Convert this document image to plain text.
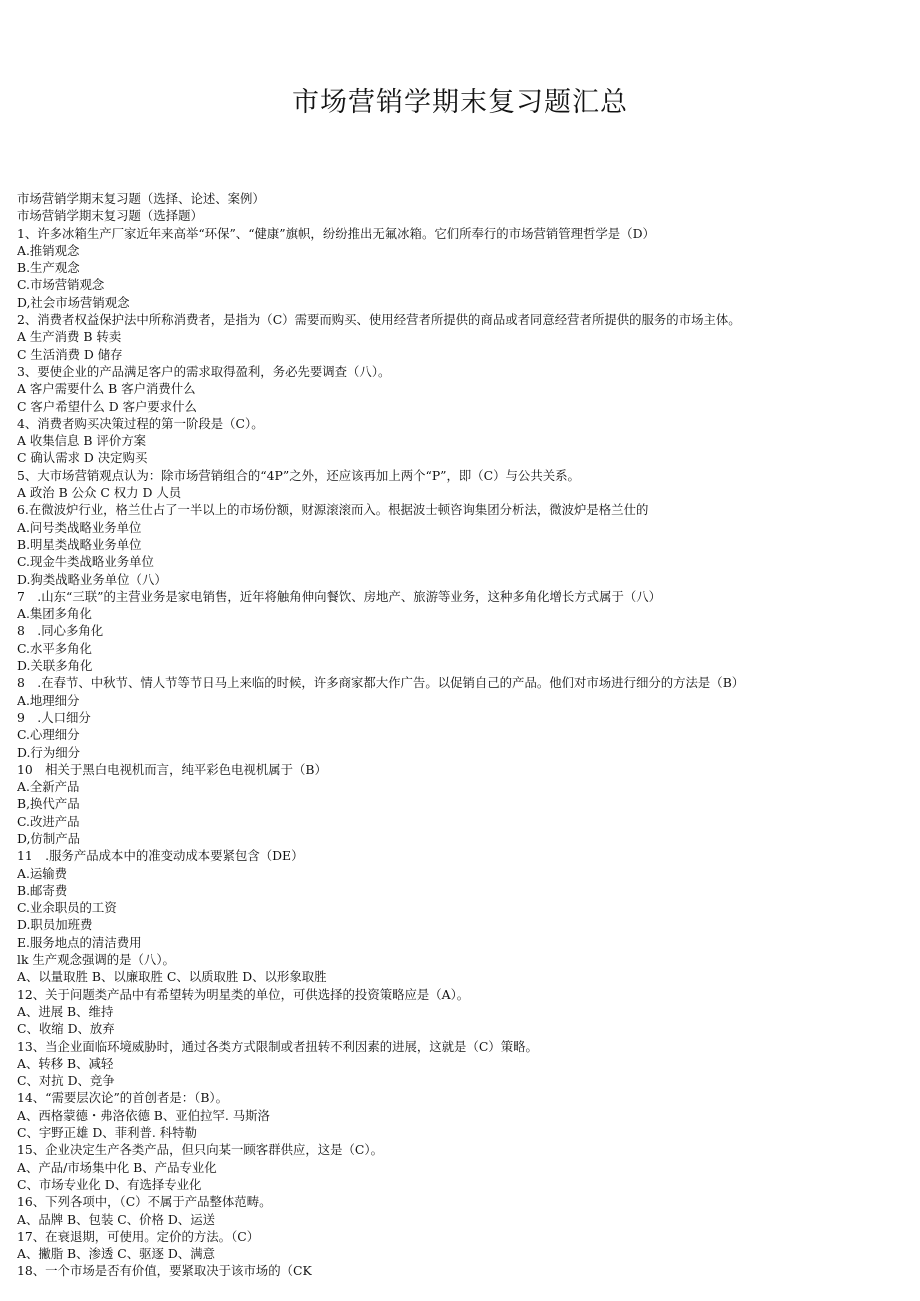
市场营销学期末复习题汇总
市场营销学期末复习题（选择、论述、案例）
市场营销学期末复习题（选择题）
1、许多冰箱生产厂家近年来高举“环保”、“健康”旗帜，纷纷推出无氟冰箱。它们所奉行的市场营销管理哲学是（D）
A.推销观念
B.生产观念
C.市场营销观念
D,社会市场营销观念
2、消费者权益保护法中所称消费者，是指为（C）需要而购买、使用经营者所提供的商品或者同意经营者所提供的服务的市场主体。
A 生产消费 B 转卖
C 生活消费 D 储存
3、要使企业的产品满足客户的需求取得盈利，务必先要调查（八）。
A 客户需要什么 B 客户消费什么
C 客户希望什么 D 客户要求什么
4、消费者购买决策过程的第一阶段是（C）。
A 收集信息 B 评价方案
C 确认需求 D 决定购买
5、大市场营销观点认为：除市场营销组合的“4P”之外，还应该再加上两个“P”，即（C）与公共关系。
A 政治 B 公众 C 权力 D 人员
6.在微波炉行业，格兰仕占了一半以上的市场份额，财源滚滚而入。根据波士顿咨询集团分析法，微波炉是格兰仕的
A.问号类战略业务单位
B.明星类战略业务单位
C.现金牛类战略业务单位
D.狗类战略业务单位（八）
7　.山东“三联”的主营业务是家电销售，近年将触角伸向餐饮、房地产、旅游等业务，这种多角化增长方式属于（八）
A.集团多角化
8　.同心多角化
C.水平多角化
D.关联多角化
8　.在春节、中秋节、情人节等节日马上来临的时候，许多商家都大作广告。以促销自己的产品。他们对市场进行细分的方法是（B）
A.地理细分
9　.人口细分
C.心理细分
D.行为细分
10　相关于黑白电视机而言，纯平彩色电视机属于（B）
A.全新产品
B,换代产品
C.改进产品
D,仿制产品
11　.服务产品成本中的准变动成本要紧包含（DE）
A.运输费
B.邮寄费
C.业余职员的工资
D.职员加班费
E.服务地点的清洁费用
lk 生产观念强调的是（八）。
A、以量取胜 B、以廉取胜 C、以质取胜 D、以形象取胜
12、关于问题类产品中有希望转为明星类的单位，可供选择的投资策略应是（A）。
A、进展 B、维持
C、收缩 D、放弃
13、当企业面临环境威胁时，通过各类方式限制或者扭转不利因素的进展，这就是（C）策略。
A、转移 B、减轻
C、对抗 D、竞争
14、“需要层次论”的首创者是：（B）。
A、西格蒙德・弗洛依德 B、亚伯拉罕. 马斯洛
C、宇野正雄 D、菲利普. 科特勒
15、企业决定生产各类产品，但只向某一顾客群供应，这是（C）。
A、产品/市场集中化 B、产品专业化
C、市场专业化 D、有选择专业化
16、下列各项中，（C）不属于产品整体范畴。
A、品牌 B、包装 C、价格 D、运送
17、在衰退期，可使用。定价的方法。（C）
A、撇脂 B、渗透 C、驱逐 D、满意
18、一个市场是否有价值，要紧取决于该市场的（CK
